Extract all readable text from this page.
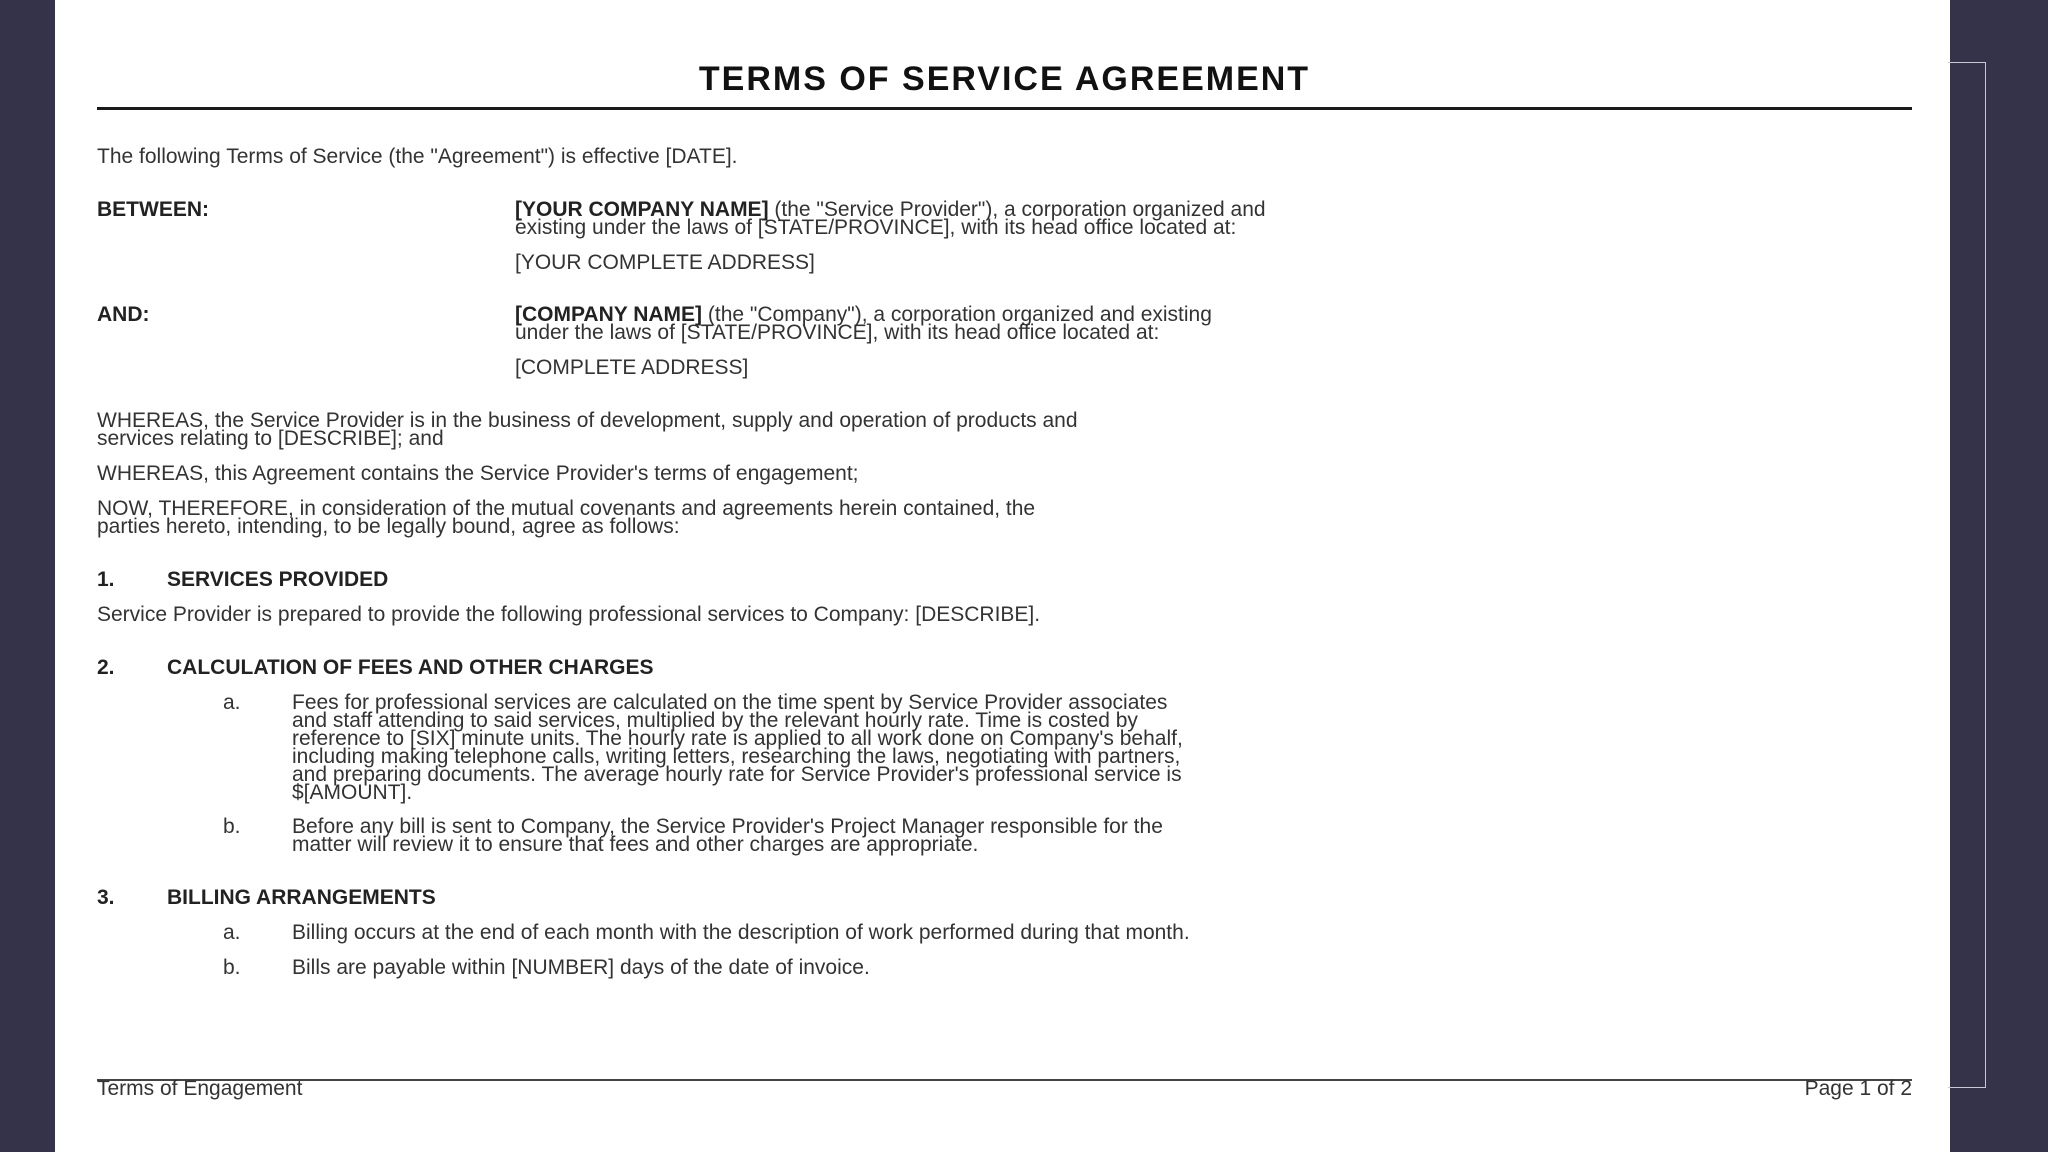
TERMS OF SERVICE AGREEMENT
The following Terms of Service (the "Agreement") is effective [DATE].
BETWEEN:	[YOUR COMPANY NAME] (the "Service Provider"), a corporation organized and
existing under the laws of [STATE/PROVINCE], with its head office located at:
[YOUR COMPLETE ADDRESS]
AND:	[COMPANY NAME] (the "Company"), a corporation organized and existing
under the laws of [STATE/PROVINCE], with its head office located at:
[COMPLETE ADDRESS]
WHEREAS, the Service Provider is in the business of development, supply and operation of products and
services relating to [DESCRIBE]; and
WHEREAS, this Agreement contains the Service Provider's terms of engagement;
NOW, THEREFORE, in consideration of the mutual covenants and agreements herein contained, the
parties hereto, intending, to be legally bound, agree as follows:
1. SERVICES PROVIDED
Service Provider is prepared to provide the following professional services to Company: [DESCRIBE].
2. CALCULATION OF FEES AND OTHER CHARGES
a. Fees for professional services are calculated on the time spent by Service Provider associates
and staff attending to said services, multiplied by the relevant hourly rate. Time is costed by
reference to [SIX] minute units. The hourly rate is applied to all work done on Company's behalf,
including making telephone calls, writing letters, researching the laws, negotiating with partners,
and preparing documents. The average hourly rate for Service Provider's professional service is
$[AMOUNT].
b. Before any bill is sent to Company, the Service Provider's Project Manager responsible for the
matter will review it to ensure that fees and other charges are appropriate.
3. BILLING ARRANGEMENTS
a. Billing occurs at the end of each month with the description of work performed during that month.
b. Bills are payable within [NUMBER] days of the date of invoice.
Terms of Engagement	Page 1 of 2
